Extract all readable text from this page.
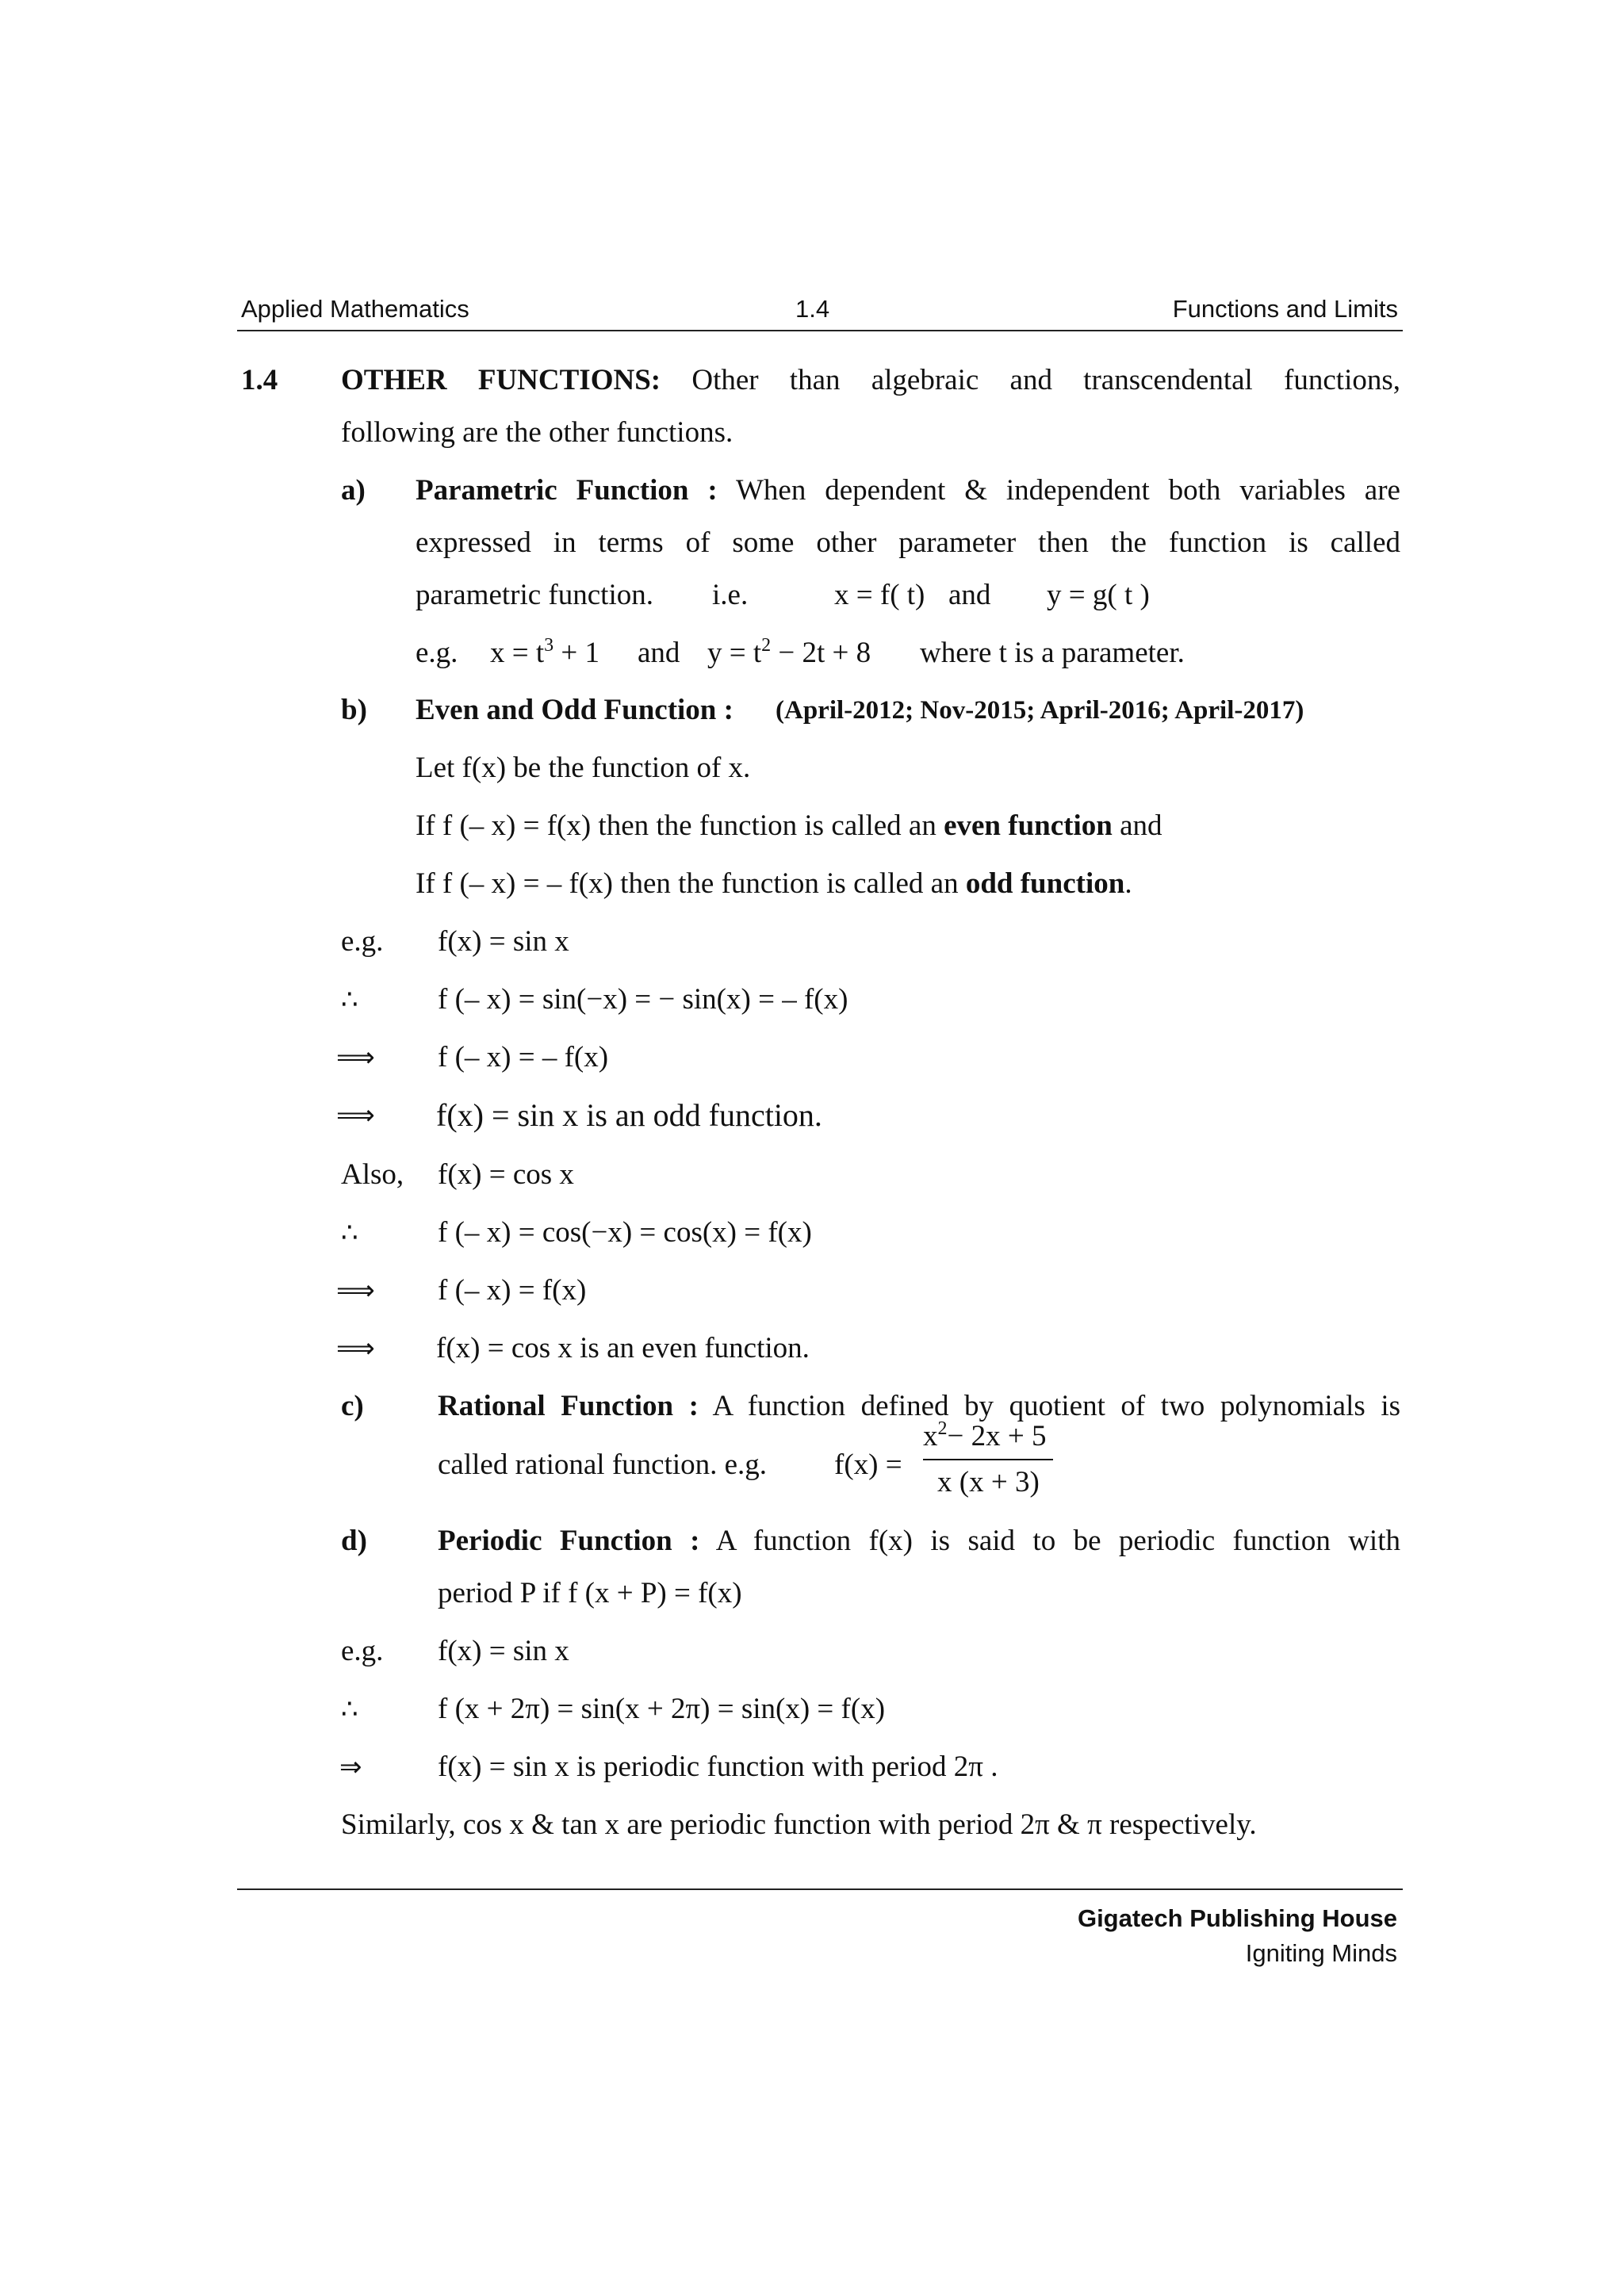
Applied Mathematics	1.4	Functions and Limits
1.4 OTHER FUNCTIONS: Other than algebraic and transcendental functions,
following are the other functions.
a) Parametric Function : When dependent & independent both variables are
expressed in terms of some other parameter then the function is called
parametric function. i.e.	x = f( t) and y = g( t )
e.g. $x = t^3 + 1$ and $y = t^2 - 2t + 8$ where t is a parameter.
b) Even and Odd Function : (April-2012; Nov-2015; April-2016; April-2017)
Let f(x) be the function of x.
If f (– x) = f(x) then the function is called an even function and
If f (– x) = – f(x) then the function is called an odd function.
e.g. f(x) = sin x
∴	f (– x) = sin(−x) = − sin(x) = – f(x)
⟹ f (– x) = – f(x)
⟹ f(x) = sin x is an odd function.
Also, f(x) = cos x
∴	f (– x) = cos(−x) = cos(x) = f(x)
⟹ f (– x) = f(x)
⟹ f(x) = cos x is an even function.
c)	Rational Function : A function defined by quotient of two polynomials is
called rational function. e.g. f(x) =
$x^2- 2x + 5$
x (x + 3)
d) Periodic Function : A function f(x) is said to be periodic function with
period P if f (x + P) = f(x)
e.g. f(x) = sin x
∴	f (x + 2π) = sin(x + 2π) = sin(x) = f(x)
⇒	f(x) = sin x is periodic function with period 2π .
Similarly, cos x & tan x are periodic function with period 2π & π respectively.
Gigatech Publishing House
Igniting Minds
